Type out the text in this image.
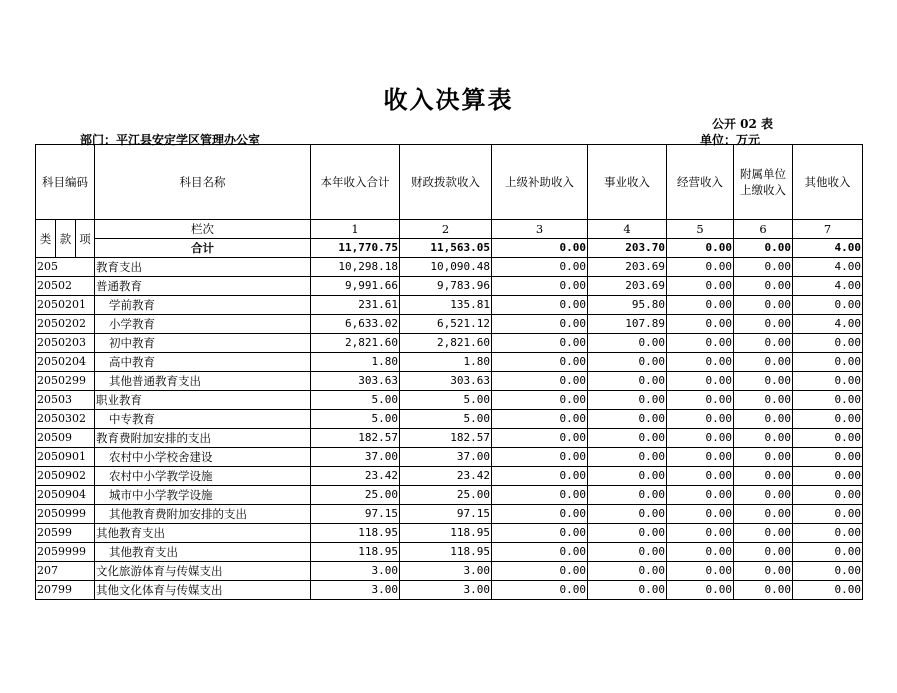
收入决算表
公开 02 表
部门：平江县安定学区管理办公室	单位：万元
科目编码			科目名称	本年收入合计	财政拨款收入	上级补助收入	事业收入	经营收入	附属单位上缴收入	其他收入
类	款	项	栏次	1	2	3	4	5	6	7
			合计	11,770.75	11,563.05	0.00	203.70	0.00	0.00	4.00
205			教育支出	10,298.18	10,090.48	0.00	203.69	0.00	0.00	4.00
20502			普通教育	9,991.66	9,783.96	0.00	203.69	0.00	0.00	4.00
2050201			学前教育	231.61	135.81	0.00	95.80	0.00	0.00	0.00
2050202			小学教育	6,633.02	6,521.12	0.00	107.89	0.00	0.00	4.00
2050203			初中教育	2,821.60	2,821.60	0.00	0.00	0.00	0.00	0.00
2050204			高中教育	1.80	1.80	0.00	0.00	0.00	0.00	0.00
2050299			其他普通教育支出	303.63	303.63	0.00	0.00	0.00	0.00	0.00
20503			职业教育	5.00	5.00	0.00	0.00	0.00	0.00	0.00
2050302			中专教育	5.00	5.00	0.00	0.00	0.00	0.00	0.00
20509			教育费附加安排的支出	182.57	182.57	0.00	0.00	0.00	0.00	0.00
2050901			农村中小学校舍建设	37.00	37.00	0.00	0.00	0.00	0.00	0.00
2050902			农村中小学教学设施	23.42	23.42	0.00	0.00	0.00	0.00	0.00
2050904			城市中小学教学设施	25.00	25.00	0.00	0.00	0.00	0.00	0.00
2050999			其他教育费附加安排的支出	97.15	97.15	0.00	0.00	0.00	0.00	0.00
20599			其他教育支出	118.95	118.95	0.00	0.00	0.00	0.00	0.00
2059999			其他教育支出	118.95	118.95	0.00	0.00	0.00	0.00	0.00
207			文化旅游体育与传媒支出	3.00	3.00	0.00	0.00	0.00	0.00	0.00
20799			其他文化体育与传媒支出	3.00	3.00	0.00	0.00	0.00	0.00	0.00
